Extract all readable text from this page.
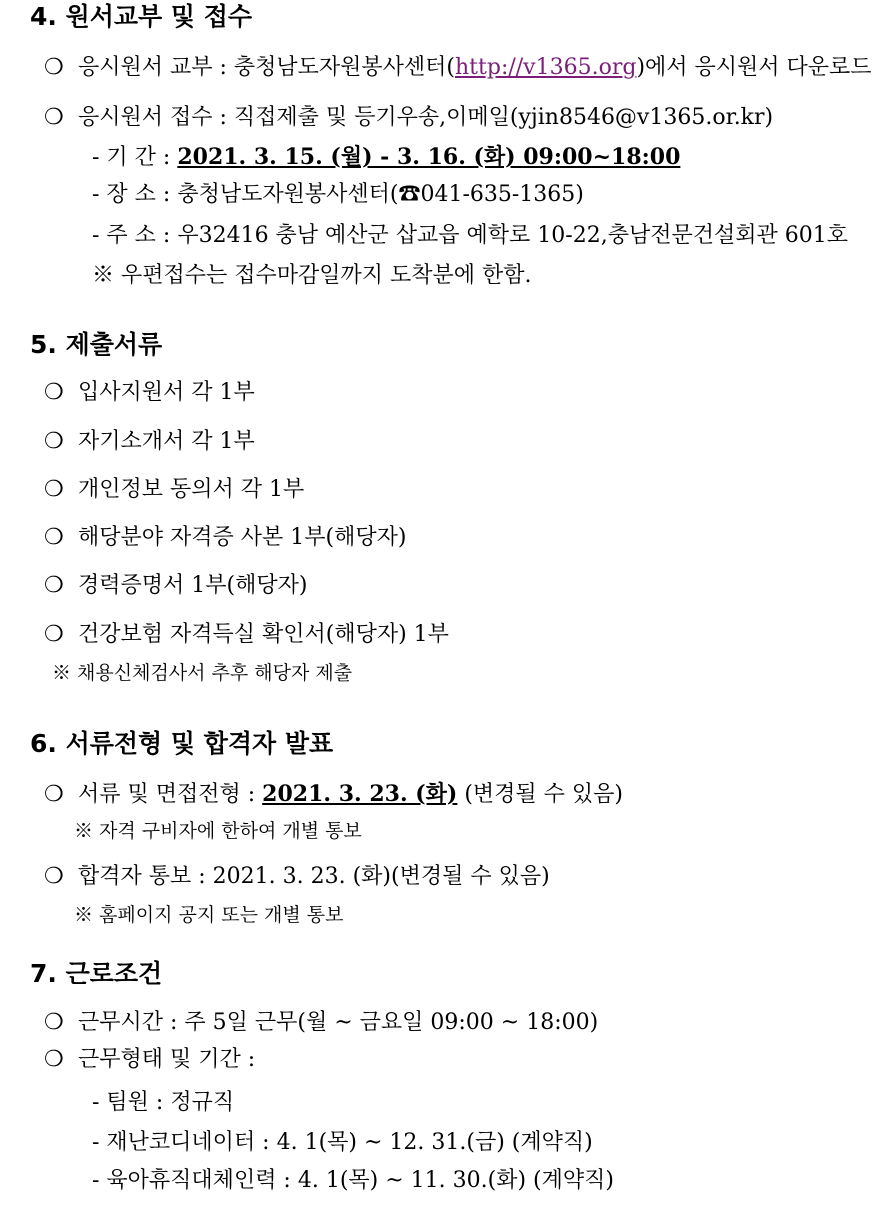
4. 원서교부 및 접수
❍ 응시원서 교부 : 충청남도자원봉사센터(http://v1365.org)에서 응시원서 다운로드
❍ 응시원서 접수 : 직접제출 및 등기우송,이메일(yjin8546@v1365.or.kr)
- 기 간 : 2021. 3. 15. (월) - 3. 16. (화) 09:00~18:00
- 장 소 : 충청남도자원봉사센터(☎041-635-1365)
- 주 소 : 우32416 충남 예산군 삽교읍 예학로 10-22,충남전문건설회관 601호
※ 우편접수는 접수마감일까지 도착분에 한함.
5. 제출서류
❍ 입사지원서 각 1부
❍ 자기소개서 각 1부
❍ 개인정보 동의서 각 1부
❍ 해당분야 자격증 사본 1부(해당자)
❍ 경력증명서 1부(해당자)
❍ 건강보험 자격득실 확인서(해당자) 1부
※ 채용신체검사서 추후 해당자 제출
6. 서류전형 및 합격자 발표
❍ 서류 및 면접전형 : 2021. 3. 23. (화) (변경될 수 있음)
※ 자격 구비자에 한하여 개별 통보
❍ 합격자 통보 : 2021. 3. 23. (화)(변경될 수 있음)
※ 홈페이지 공지 또는 개별 통보
7. 근로조건
❍ 근무시간 : 주 5일 근무(월 ~ 금요일 09:00 ~ 18:00)
❍ 근무형태 및 기간 :
- 팀원 : 정규직
- 재난코디네이터 : 4. 1(목) ~ 12. 31.(금) (계약직)
- 육아휴직대체인력 : 4. 1(목) ~ 11. 30.(화) (계약직)
